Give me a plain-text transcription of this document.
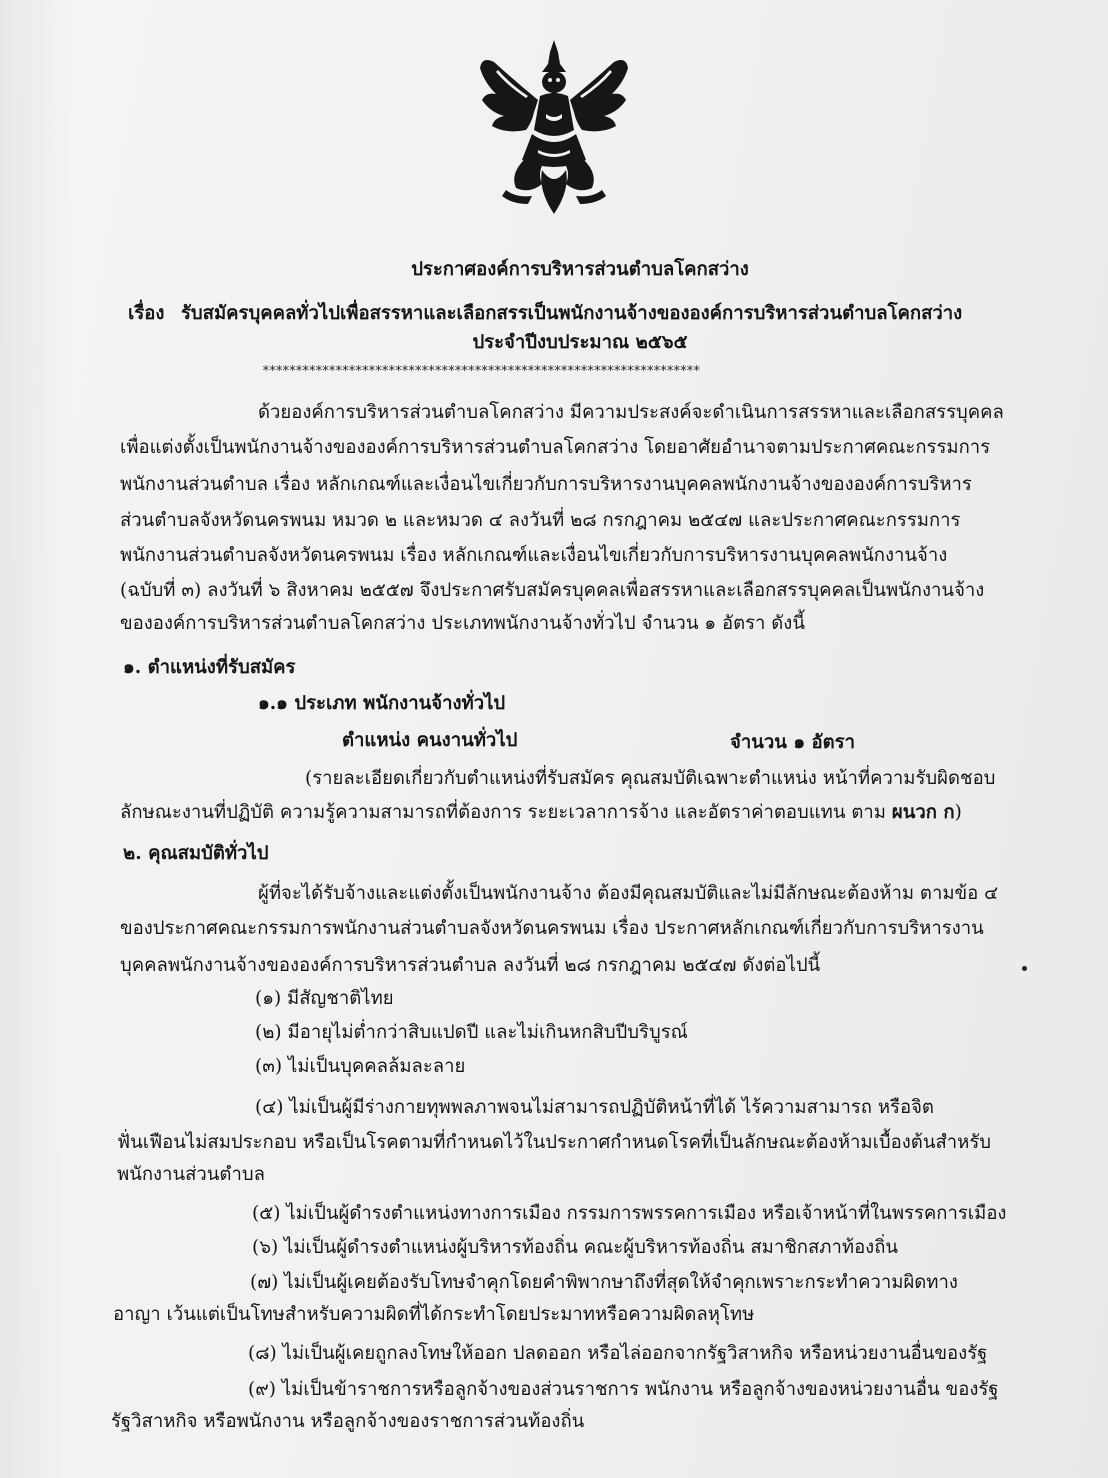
ประกาศองค์การบริหารส่วนตำบลโคกสว่าง
เรื่อง รับสมัครบุคคลทั่วไปเพื่อสรรหาและเลือกสรรเป็นพนักงานจ้างขององค์การบริหารส่วนตำบลโคกสว่าง
ประจำปีงบประมาณ ๒๕๖๕
******************************************************************
ด้วยองค์การบริหารส่วนตำบลโคกสว่าง มีความประสงค์จะดำเนินการสรรหาและเลือกสรรบุคคล
เพื่อแต่งตั้งเป็นพนักงานจ้างขององค์การบริหารส่วนตำบลโคกสว่าง โดยอาศัยอำนาจตามประกาศคณะกรรมการ
พนักงานส่วนตำบล เรื่อง หลักเกณฑ์และเงื่อนไขเกี่ยวกับการบริหารงานบุคคลพนักงานจ้างขององค์การบริหาร
ส่วนตำบลจังหวัดนครพนม หมวด ๒ และหมวด ๔ ลงวันที่ ๒๘ กรกฎาคม ๒๕๔๗ และประกาศคณะกรรมการ
พนักงานส่วนตำบลจังหวัดนครพนม เรื่อง หลักเกณฑ์และเงื่อนไขเกี่ยวกับการบริหารงานบุคคลพนักงานจ้าง
(ฉบับที่ ๓) ลงวันที่ ๖ สิงหาคม ๒๕๕๗ จึงประกาศรับสมัครบุคคลเพื่อสรรหาและเลือกสรรบุคคลเป็นพนักงานจ้าง
ขององค์การบริหารส่วนตำบลโคกสว่าง ประเภทพนักงานจ้างทั่วไป จำนวน ๑ อัตรา ดังนี้
๑. ตำแหน่งที่รับสมัคร
๑.๑ ประเภท พนักงานจ้างทั่วไป
ตำแหน่ง คนงานทั่วไป	จำนวน ๑ อัตรา
(รายละเอียดเกี่ยวกับตำแหน่งที่รับสมัคร คุณสมบัติเฉพาะตำแหน่ง หน้าที่ความรับผิดชอบ
ลักษณะงานที่ปฏิบัติ ความรู้ความสามารถที่ต้องการ ระยะเวลาการจ้าง และอัตราค่าตอบแทน ตาม ผนวก ก)
๒. คุณสมบัติทั่วไป
ผู้ที่จะได้รับจ้างและแต่งตั้งเป็นพนักงานจ้าง ต้องมีคุณสมบัติและไม่มีลักษณะต้องห้าม ตามข้อ ๔
ของประกาศคณะกรรมการพนักงานส่วนตำบลจังหวัดนครพนม เรื่อง ประกาศหลักเกณฑ์เกี่ยวกับการบริหารงาน
บุคคลพนักงานจ้างขององค์การบริหารส่วนตำบล ลงวันที่ ๒๘ กรกฎาคม ๒๕๔๗ ดังต่อไปนี้
(๑) มีสัญชาติไทย
(๒) มีอายุไม่ต่ำกว่าสิบแปดปี และไม่เกินหกสิบปีบริบูรณ์
(๓) ไม่เป็นบุคคลล้มละลาย
(๔) ไม่เป็นผู้มีร่างกายทุพพลภาพจนไม่สามารถปฏิบัติหน้าที่ได้ ไร้ความสามารถ หรือจิต
ฟั่นเฟือนไม่สมประกอบ หรือเป็นโรคตามที่กำหนดไว้ในประกาศกำหนดโรคที่เป็นลักษณะต้องห้ามเบื้องต้นสำหรับ
พนักงานส่วนตำบล
(๕) ไม่เป็นผู้ดำรงตำแหน่งทางการเมือง กรรมการพรรคการเมือง หรือเจ้าหน้าที่ในพรรคการเมือง
(๖) ไม่เป็นผู้ดำรงตำแหน่งผู้บริหารท้องถิ่น คณะผู้บริหารท้องถิ่น สมาชิกสภาท้องถิ่น
(๗) ไม่เป็นผู้เคยต้องรับโทษจำคุกโดยคำพิพากษาถึงที่สุดให้จำคุกเพราะกระทำความผิดทาง
อาญา เว้นแต่เป็นโทษสำหรับความผิดที่ได้กระทำโดยประมาทหรือความผิดลหุโทษ
(๘) ไม่เป็นผู้เคยถูกลงโทษให้ออก ปลดออก หรือไล่ออกจากรัฐวิสาหกิจ หรือหน่วยงานอื่นของรัฐ
(๙) ไม่เป็นข้าราชการหรือลูกจ้างของส่วนราชการ พนักงาน หรือลูกจ้างของหน่วยงานอื่น ของรัฐ
รัฐวิสาหกิจ หรือพนักงาน หรือลูกจ้างของราชการส่วนท้องถิ่น
